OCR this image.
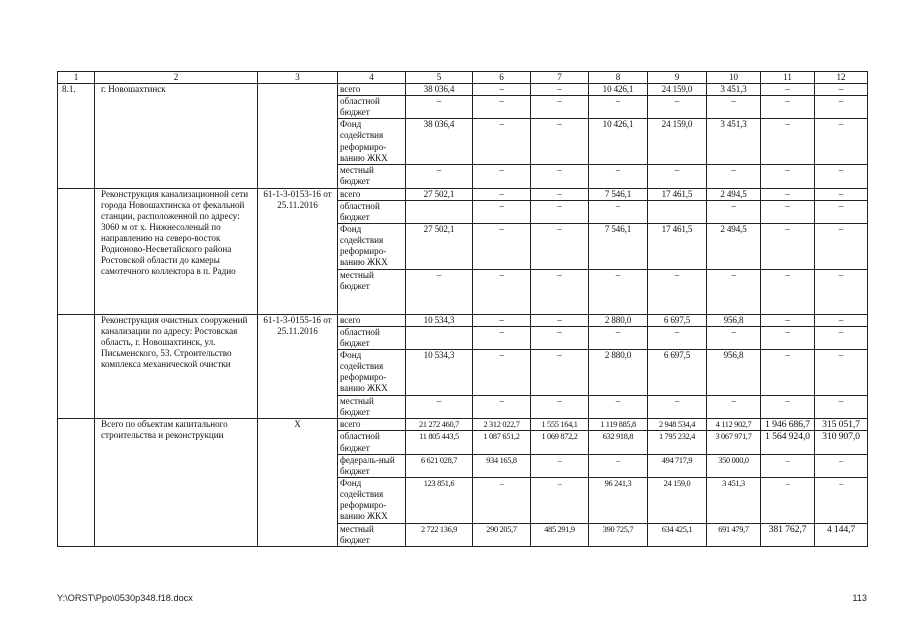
1	2	3	4	5	6	7	8	9	10	11	12
8.1.	г. Новошахтинск		всего	38 036,4	–	–	10 426,1	24 159,0	3 451,3	–	–
			областной бюджет	–	–	–	–	–	–	–	–
			Фонд содействия реформиро-ванию ЖКХ	38 036,4	–	–	10 426,1	24 159,0	3 451,3	–	–
			местный бюджет	–	–	–	–	–	–	–	–
	Реконструкция канализационной сети города Новошахтинска от фекальной станции, расположенной по адресу: 3060 м от х. Нижнесоленый по направлению на северо-восток Родионово-Несветайского района Ростовской области до камеры самотечного коллектора в п. Радио	61-1-3-0153-16 от 25.11.2016	всего	27 502,1	–	–	7 546,1	17 461,5	2 494,5	–	–
			областной бюджет		–	–	–		–	–	–
			Фонд содействия реформиро-ванию ЖКХ	27 502,1	–	–	7 546,1	17 461,5	2 494,5	–	–
			местный бюджет	–	–	–	–	–	–	–	–
	Реконструкция очистных сооружений канализации по адресу: Ростовская область, г. Новошахтинск, ул. Письменского, 53. Строительство комплекса механической очистки	61-1-3-0155-16 от 25.11.2016	всего	10 534,3	–	–	2 880,0	6 697,5	956,8	–	–
			областной бюджет		–	–	–	–	–	–	–
			Фонд содействия реформиро-ванию ЖКХ	10 534,3	–	–	2 880,0	6 697,5	956,8	–	–
			местный бюджет	–	–	–	–	–	–	–	–
	Всего по объектам капитального строительства и реконструкции	Х	всего	21 272 460,7	2 312 022,7	1 555 164,1	1 119 885,8	2 948 534,4	4 112 902,7	1 946 686,7	315 051,7
			областной бюджет	11 805 443,5	1 087 651,2	1 069 872,2	632 918,8	1 795 232,4	3 067 971,7	1 564 924,0	310 907,0
			федераль-ный бюджет	6 621 028,7	934 165,8	–	–	494 717,9	350 000,0	–	–
			Фонд содействия реформиро-ванию ЖКХ	123 851,6	–	–	96 241,3	24 159,0	3 451,3	–	–
			местный бюджет	2 722 136,9	290 205,7	485 291,9	390 725,7	634 425,1	691 479,7	381 762,7	4 144,7
Y:\ORST\Ppo\0530p348.f18.docx	113
